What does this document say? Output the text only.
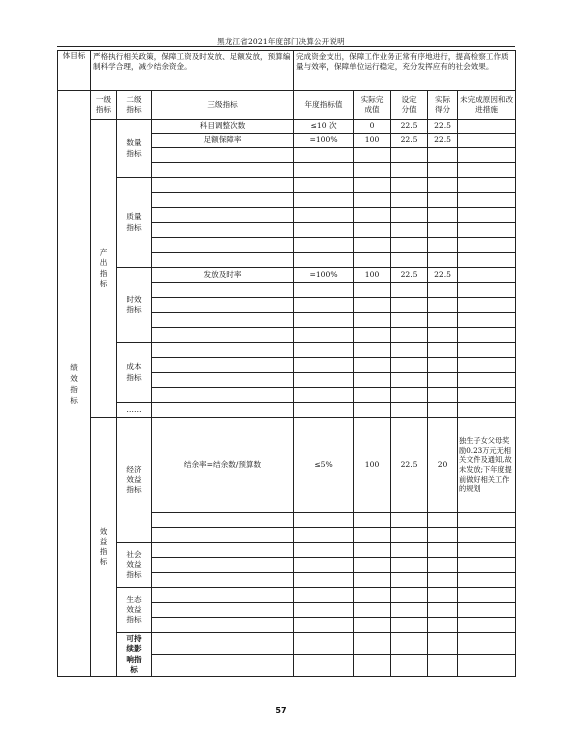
黑龙江省2021年度部门决算公开说明
体目标	严格执行相关政策，保障工资及时发放、足额发放，预算编制科学合理，减少结余资金。			完成资金支出，保障工作业务正常有序地进行，提高检察工作质量与效率，保障单位运行稳定，充分发挥应有的社会效果。				

绩效指标	一级指标	二级指标	三级指标	年度指标值	实际完成值	设定分值	实际得分	未完成原因和改进措施

	产出指标	数量指标	科目调整次数	≤10 次	0	22.5	22.5	
			足额保障率	=100%	100	22.5	22.5	

		质量指标						

		时效指标	发放及时率	=100%	100	22.5	22.5	

		成本指标						

		……						

	效益指标	经济效益指标	结余率=结余数/预算数	≤5%	100	22.5	20	独生子女父母奖励0.23万元无相关文件及通知,故未发放;下年度提前做好相关工作的规划

		社会效益指标						

		生态效益指标						

		可持续影响指标						

57
